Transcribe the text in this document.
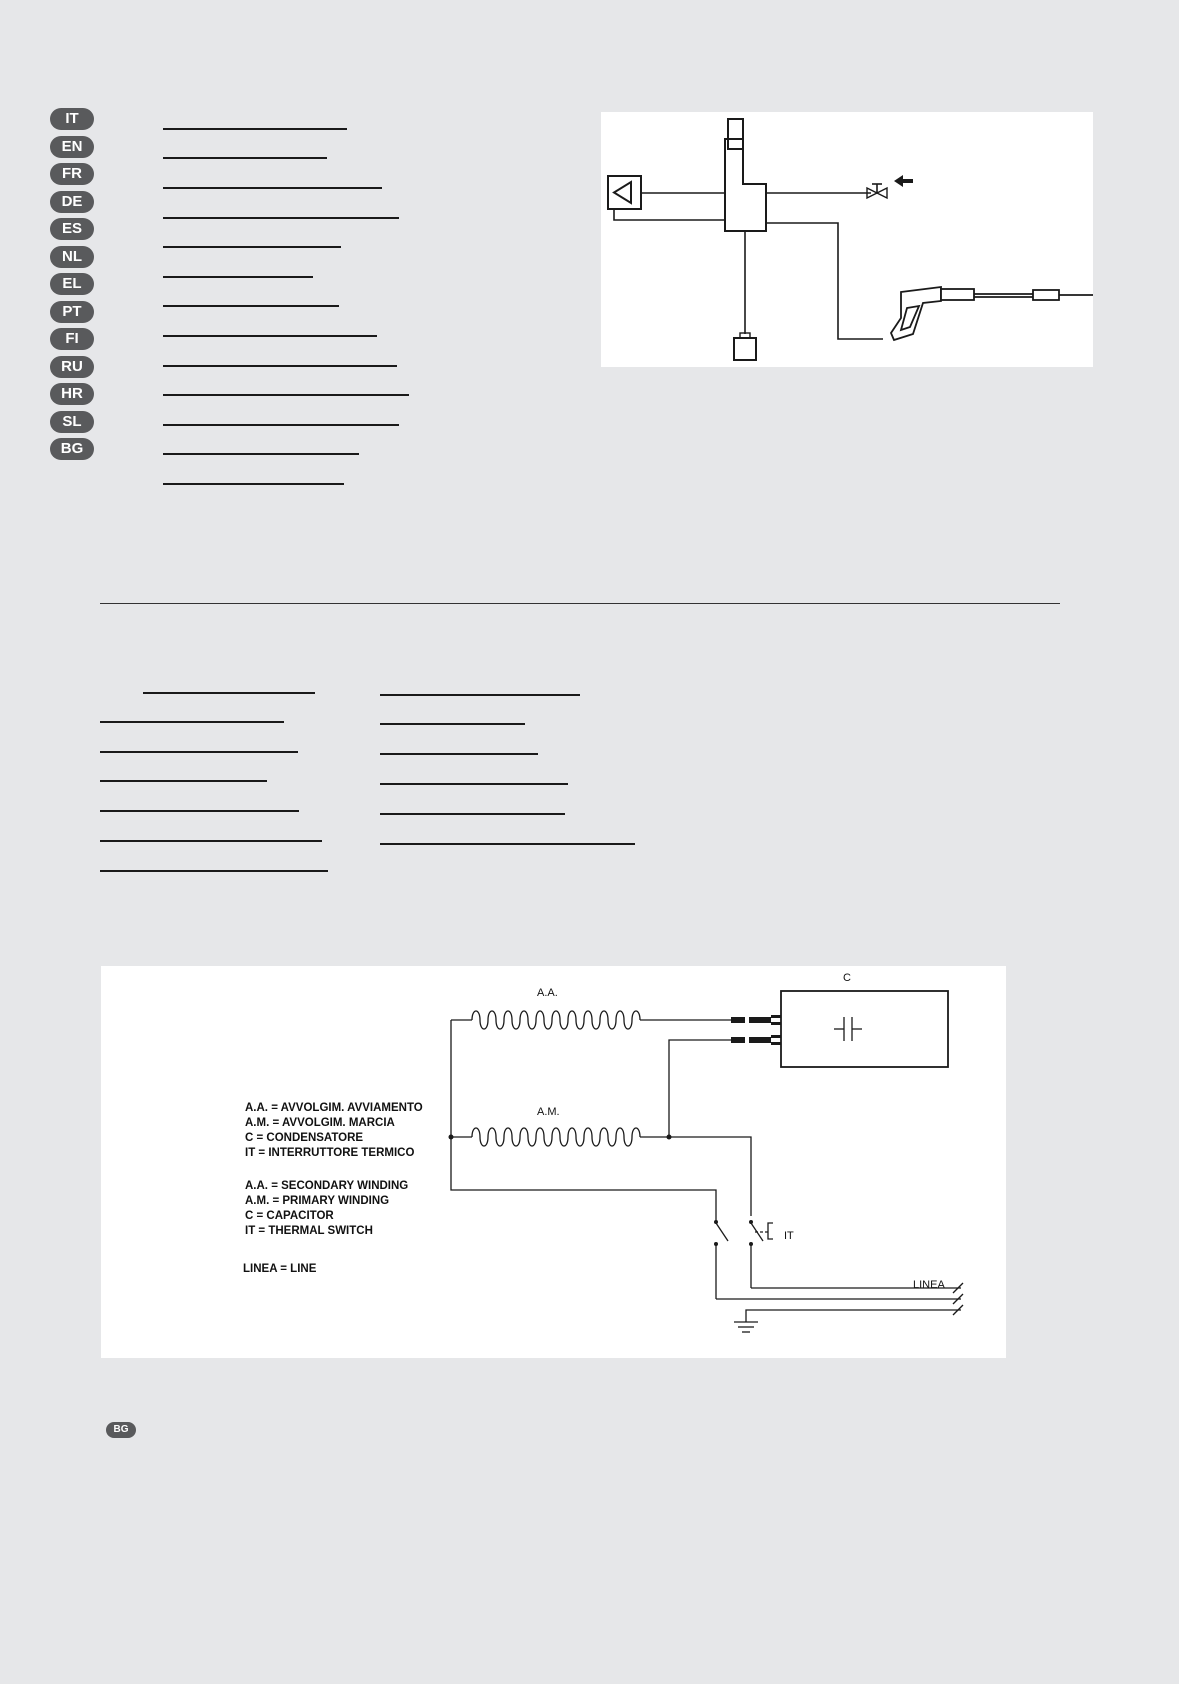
IT
EN
FR
DE
ES
NL
EL
PT
FI
RU
HR
SL
BG
A.A. = AVVOLGIM. AVVIAMENTO
A.M. = AVVOLGIM. MARCIA
C = CONDENSATORE
IT = INTERRUTTORE TERMICO
A.A. = SECONDARY WINDING
A.M. = PRIMARY WINDING
C = CAPACITOR
IT = THERMAL SWITCH
LINEA = LINE
A.A.
A.M.
C
IT
LINEA
BG
